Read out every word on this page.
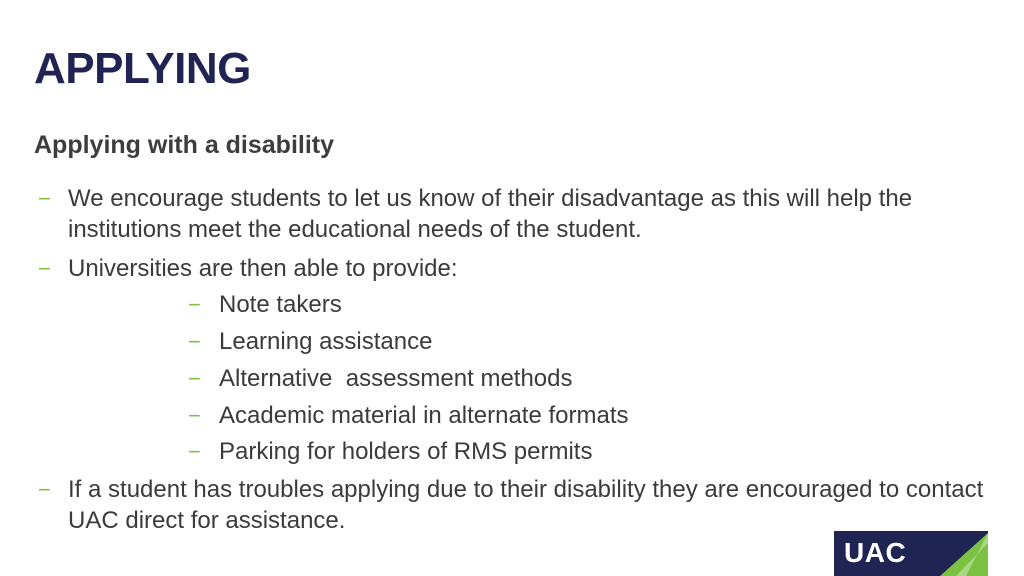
APPLYING
Applying with a disability
− We encourage students to let us know of their disadvantage as this will help the institutions meet the educational needs of the student.
− Universities are then able to provide:
− Note takers
− Learning assistance
− Alternative  assessment methods
− Academic material in alternate formats
− Parking for holders of RMS permits
− If a student has troubles applying due to their disability they are encouraged to contact UAC direct for assistance.
UAC
